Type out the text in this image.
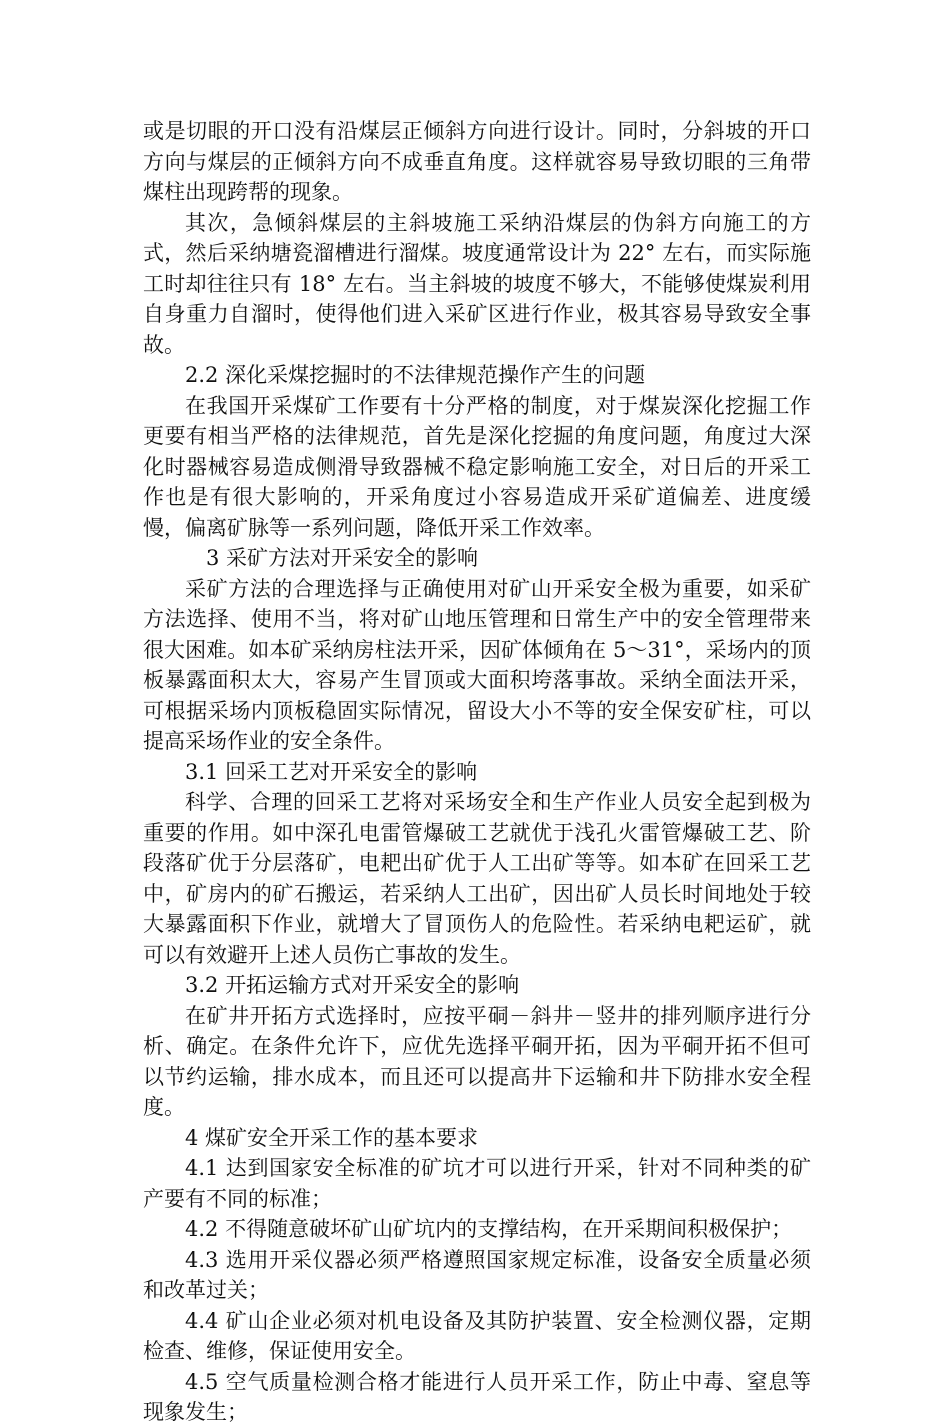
或是切眼的开口没有沿煤层正倾斜方向进行设计。同时，分斜坡的开口方向与煤层的正倾斜方向不成垂直角度。这样就容易导致切眼的三角带煤柱出现跨帮的现象。

其次，急倾斜煤层的主斜坡施工采纳沿煤层的伪斜方向施工的方式，然后采纳塘瓷溜槽进行溜煤。坡度通常设计为 22° 左右，而实际施工时却往往只有 18° 左右。当主斜坡的坡度不够大，不能够使煤炭利用自身重力自溜时，使得他们进入采矿区进行作业，极其容易导致安全事故。

2.2 深化采煤挖掘时的不法律规范操作产生的问题

在我国开采煤矿工作要有十分严格的制度，对于煤炭深化挖掘工作更要有相当严格的法律规范，首先是深化挖掘的角度问题，角度过大深化时器械容易造成侧滑导致器械不稳定影响施工安全，对日后的开采工作也是有很大影响的，开采角度过小容易造成开采矿道偏差、进度缓慢，偏离矿脉等一系列问题，降低开采工作效率。

3 采矿方法对开采安全的影响

采矿方法的合理选择与正确使用对矿山开采安全极为重要，如采矿方法选择、使用不当，将对矿山地压管理和日常生产中的安全管理带来很大困难。如本矿采纳房柱法开采，因矿体倾角在 5～31°，采场内的顶板暴露面积太大，容易产生冒顶或大面积垮落事故。采纳全面法开采，可根据采场内顶板稳固实际情况，留设大小不等的安全保安矿柱，可以提高采场作业的安全条件。

3.1 回采工艺对开采安全的影响

科学、合理的回采工艺将对采场安全和生产作业人员安全起到极为重要的作用。如中深孔电雷管爆破工艺就优于浅孔火雷管爆破工艺、阶段落矿优于分层落矿，电耙出矿优于人工出矿等等。如本矿在回采工艺中，矿房内的矿石搬运，若采纳人工出矿，因出矿人员长时间地处于较大暴露面积下作业，就增大了冒顶伤人的危险性。若采纳电耙运矿，就可以有效避开上述人员伤亡事故的发生。

3.2 开拓运输方式对开采安全的影响

在矿井开拓方式选择时，应按平硐－斜井－竖井的排列顺序进行分析、确定。在条件允许下，应优先选择平硐开拓，因为平硐开拓不但可以节约运输，排水成本，而且还可以提高井下运输和井下防排水安全程度。

4 煤矿安全开采工作的基本要求

4.1 达到国家安全标准的矿坑才可以进行开采，针对不同种类的矿产要有不同的标准；

4.2 不得随意破坏矿山矿坑内的支撑结构，在开采期间积极保护；

4.3 选用开采仪器必须严格遵照国家规定标准，设备安全质量必须和改革过关；

4.4 矿山企业必须对机电设备及其防护装置、安全检测仪器，定期检查、维修，保证使用安全。

4.5 空气质量检测合格才能进行人员开采工作，防止中毒、窒息等现象发生；
